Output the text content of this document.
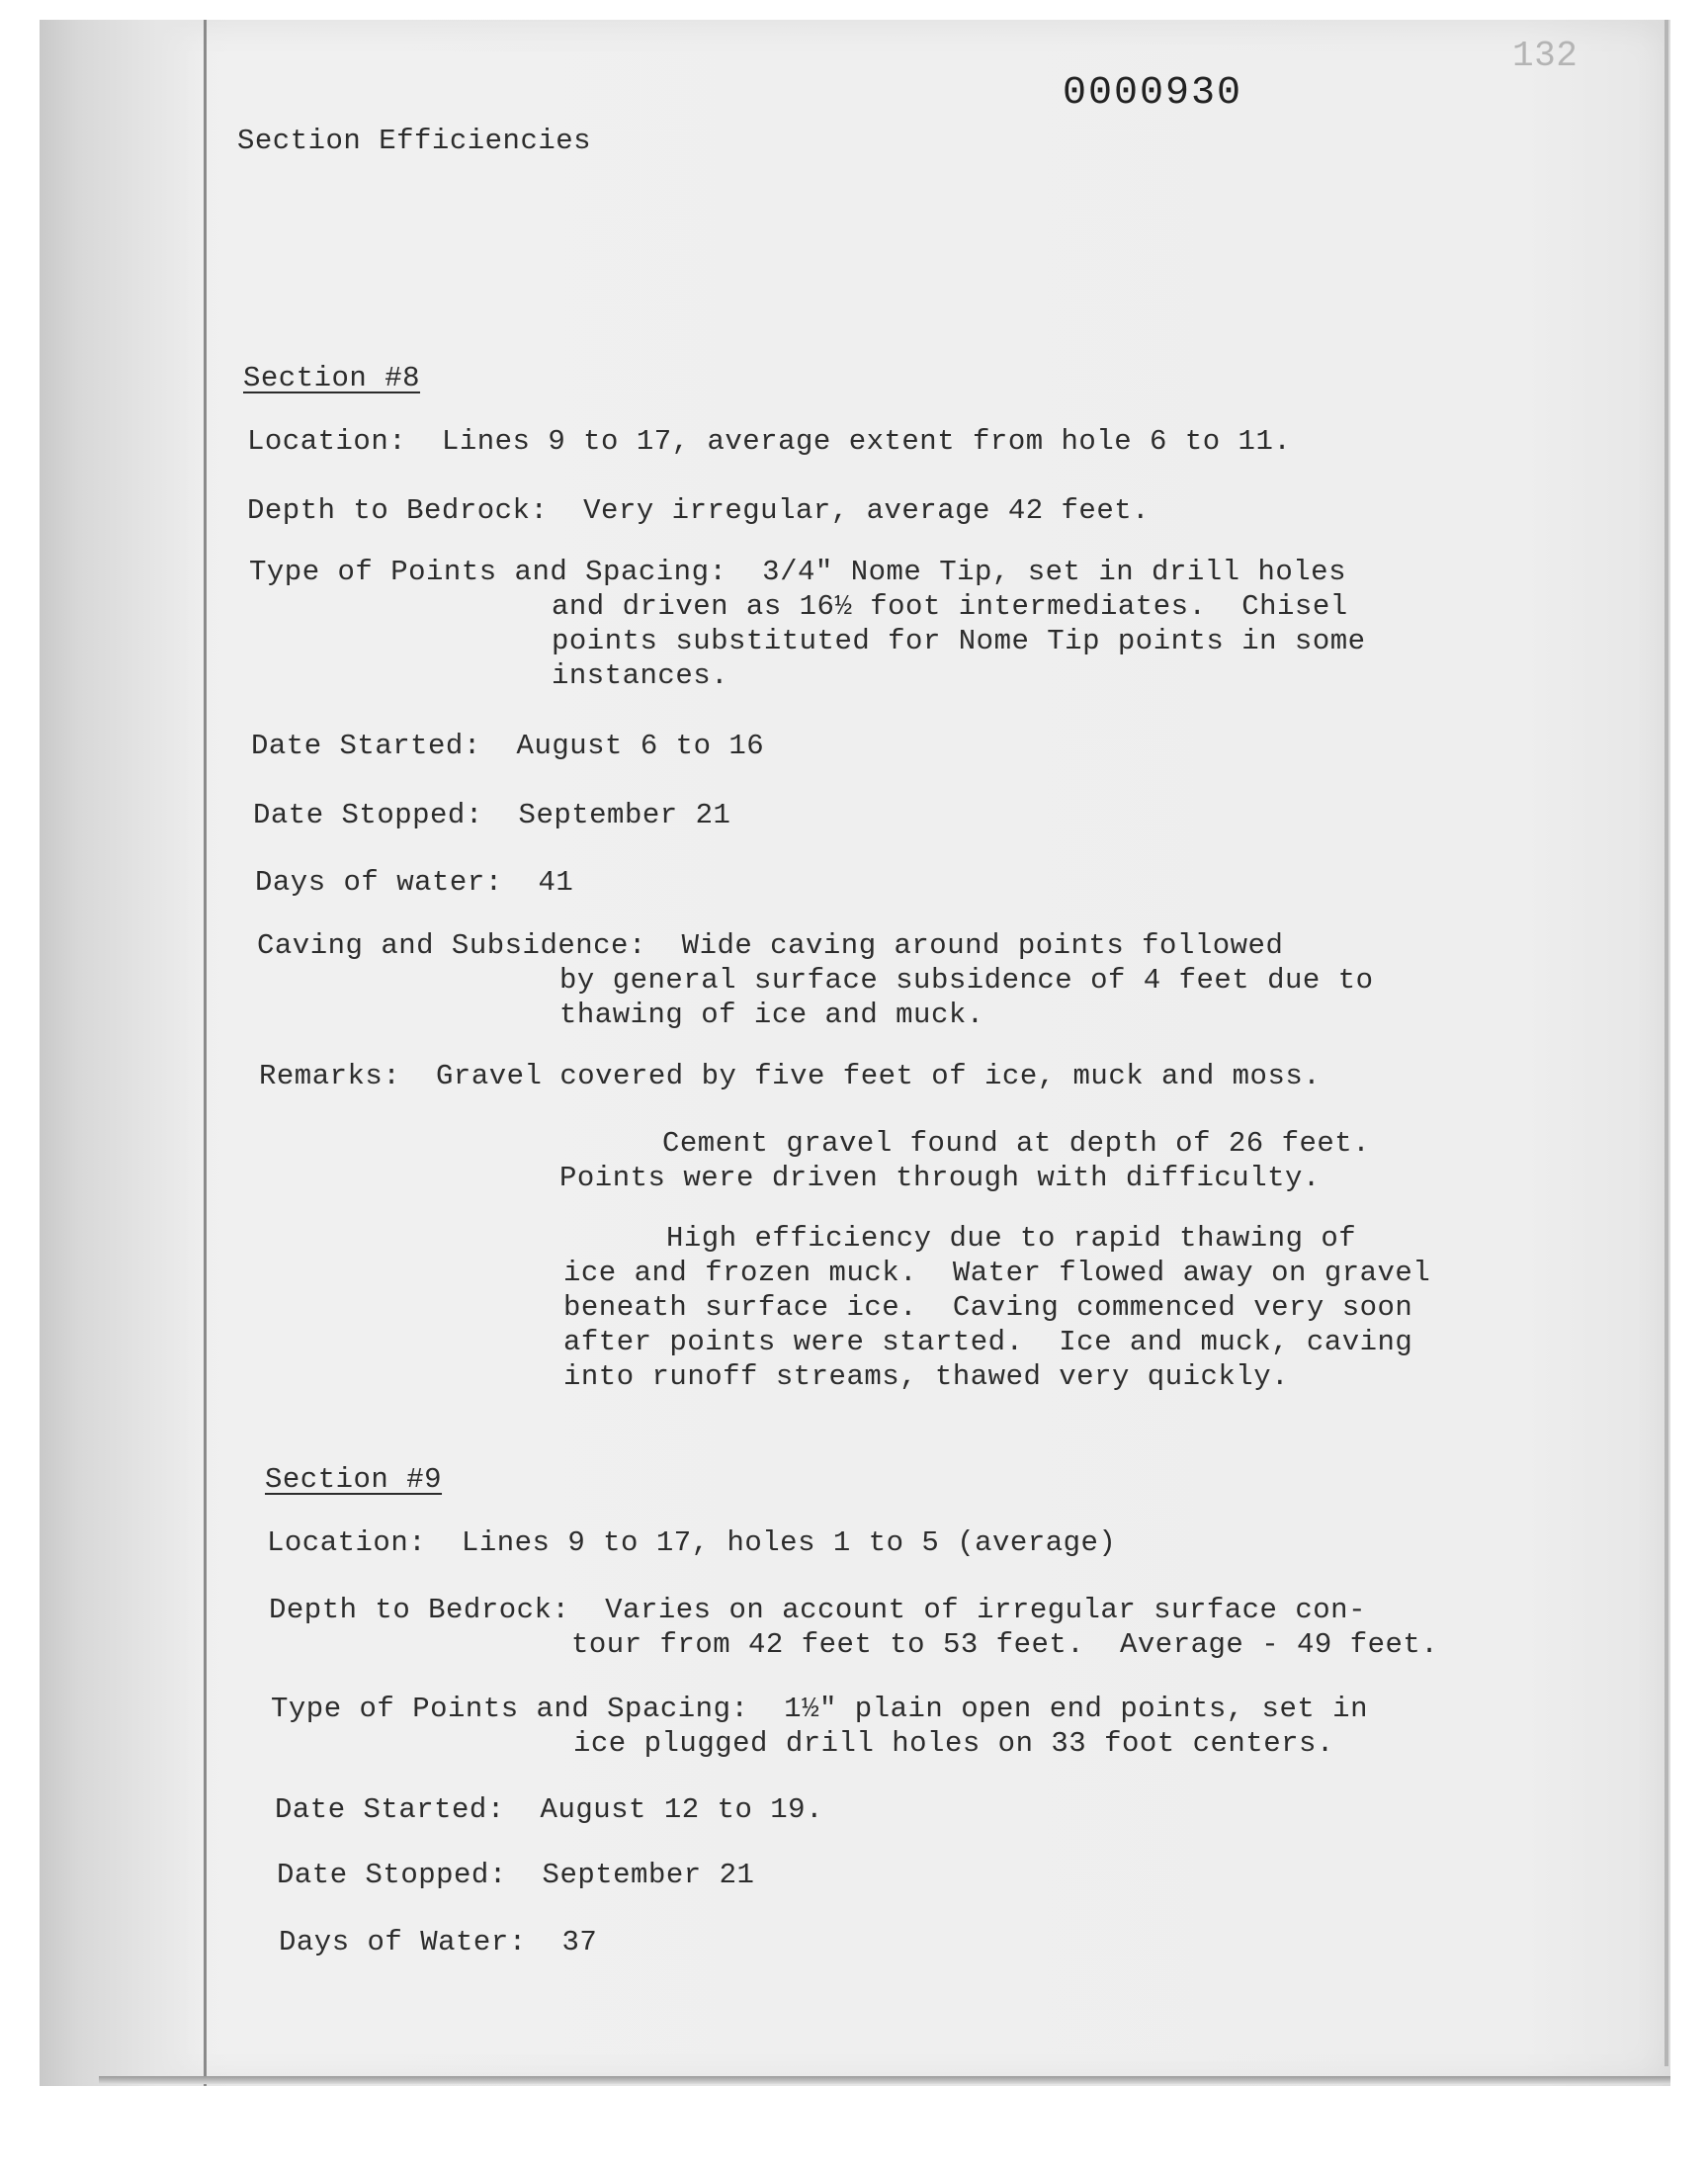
132
0000930
Section Efficiencies
Section #8
Location:  Lines 9 to 17, average extent from hole 6 to 11.
Depth to Bedrock:  Very irregular, average 42 feet.
Type of Points and Spacing:  3/4" Nome Tip, set in drill holes
and driven as 16½ foot intermediates.  Chisel
points substituted for Nome Tip points in some
instances.
Date Started:  August 6 to 16
Date Stopped:  September 21
Days of water:  41
Caving and Subsidence:  Wide caving around points followed
by general surface subsidence of 4 feet due to
thawing of ice and muck.
Remarks:  Gravel covered by five feet of ice, muck and moss.
Cement gravel found at depth of 26 feet.
Points were driven through with difficulty.
High efficiency due to rapid thawing of
ice and frozen muck.  Water flowed away on gravel
beneath surface ice.  Caving commenced very soon
after points were started.  Ice and muck, caving
into runoff streams, thawed very quickly.
Section #9
Location:  Lines 9 to 17, holes 1 to 5 (average)
Depth to Bedrock:  Varies on account of irregular surface con-
tour from 42 feet to 53 feet.  Average - 49 feet.
Type of Points and Spacing:  1½" plain open end points, set in
ice plugged drill holes on 33 foot centers.
Date Started:  August 12 to 19.
Date Stopped:  September 21
Days of Water:  37
